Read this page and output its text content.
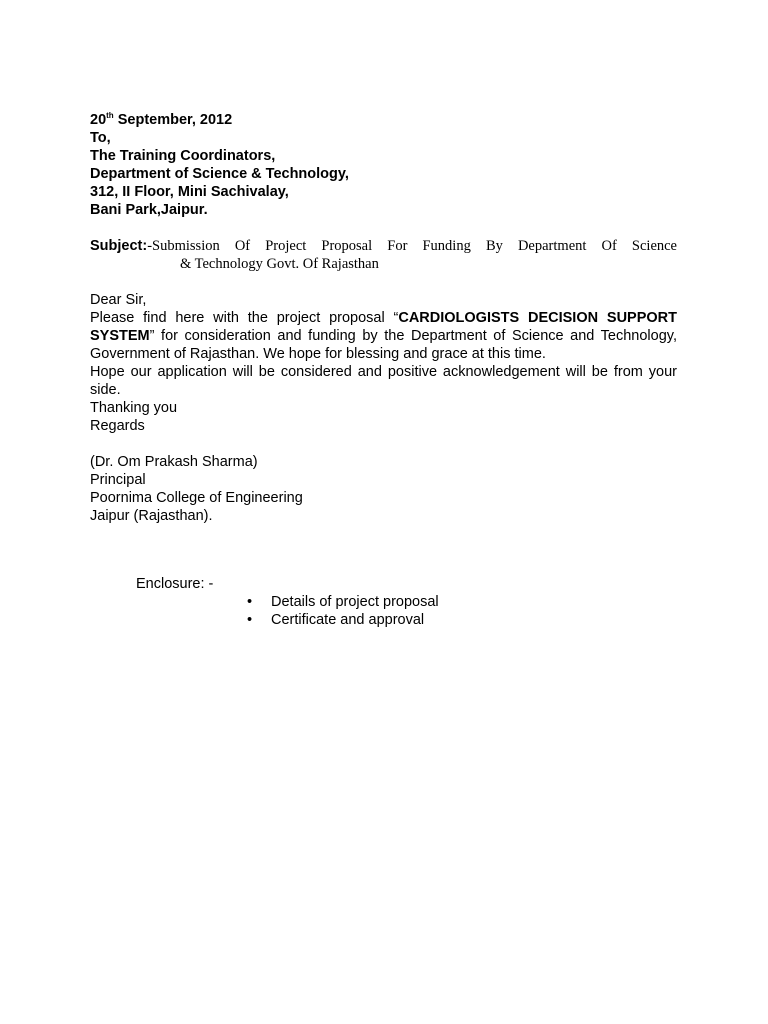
20th September, 2012
To,
The Training Coordinators,
Department of Science & Technology,
312, II Floor, Mini Sachivalay,
Bani Park,Jaipur.
Subject:-Submission Of Project Proposal For Funding By Department Of Science
& Technology Govt. Of Rajasthan
Dear Sir,
Please find here with the project proposal “CARDIOLOGISTS DECISION SUPPORT SYSTEM” for consideration and funding by the Department of Science and Technology, Government of Rajasthan. We hope for blessing and grace at this time.
Hope our application will be considered and positive acknowledgement will be from your side.
Thanking you
Regards
(Dr. Om Prakash Sharma)
Principal
Poornima College of Engineering
Jaipur (Rajasthan).
Enclosure: -
• Details of project proposal
• Certificate and approval
